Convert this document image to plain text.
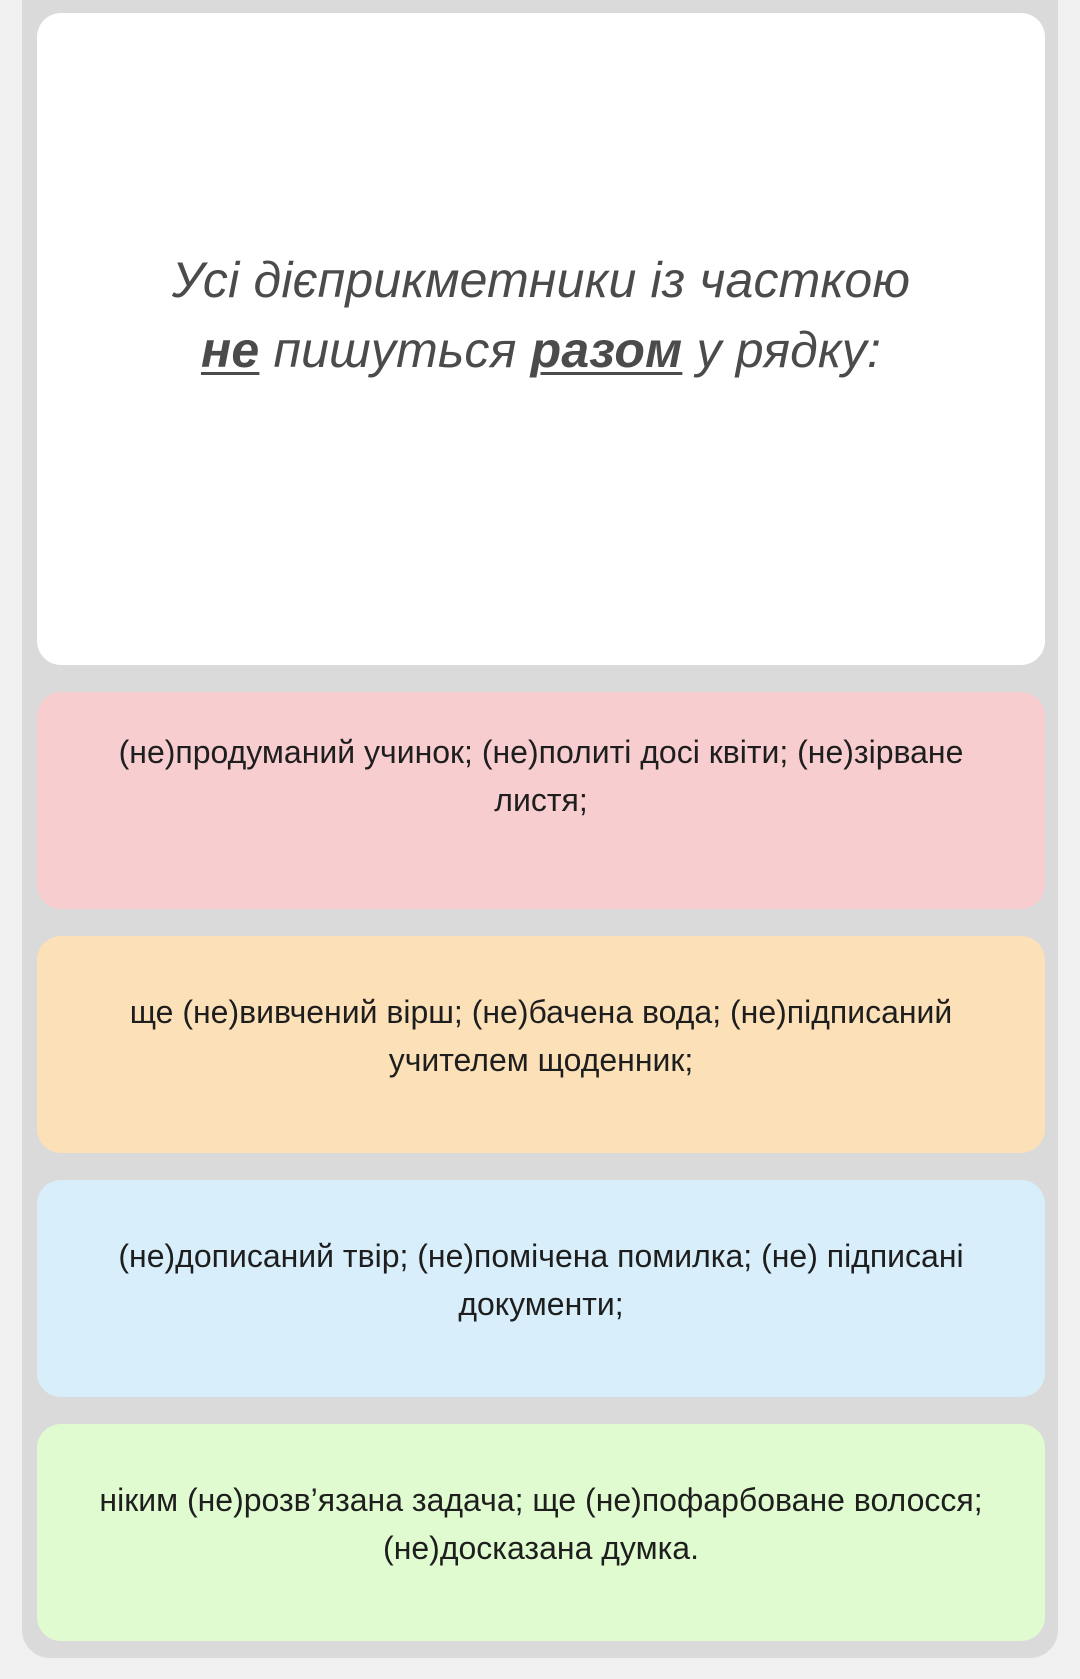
Усі дієприкметники із часткою не пишуться разом у рядку:

(не)продуманий учинок; (не)политі досі квіти; (не)зірване листя;
ще (не)вивчений вірш; (не)бачена вода; (не)підписаний учителем щоденник;
(не)дописаний твір; (не)помічена помилка; (не) підписані документи;
ніким (не)розв’язана задача; ще (не)пофарбоване волосся; (не)досказана думка.
